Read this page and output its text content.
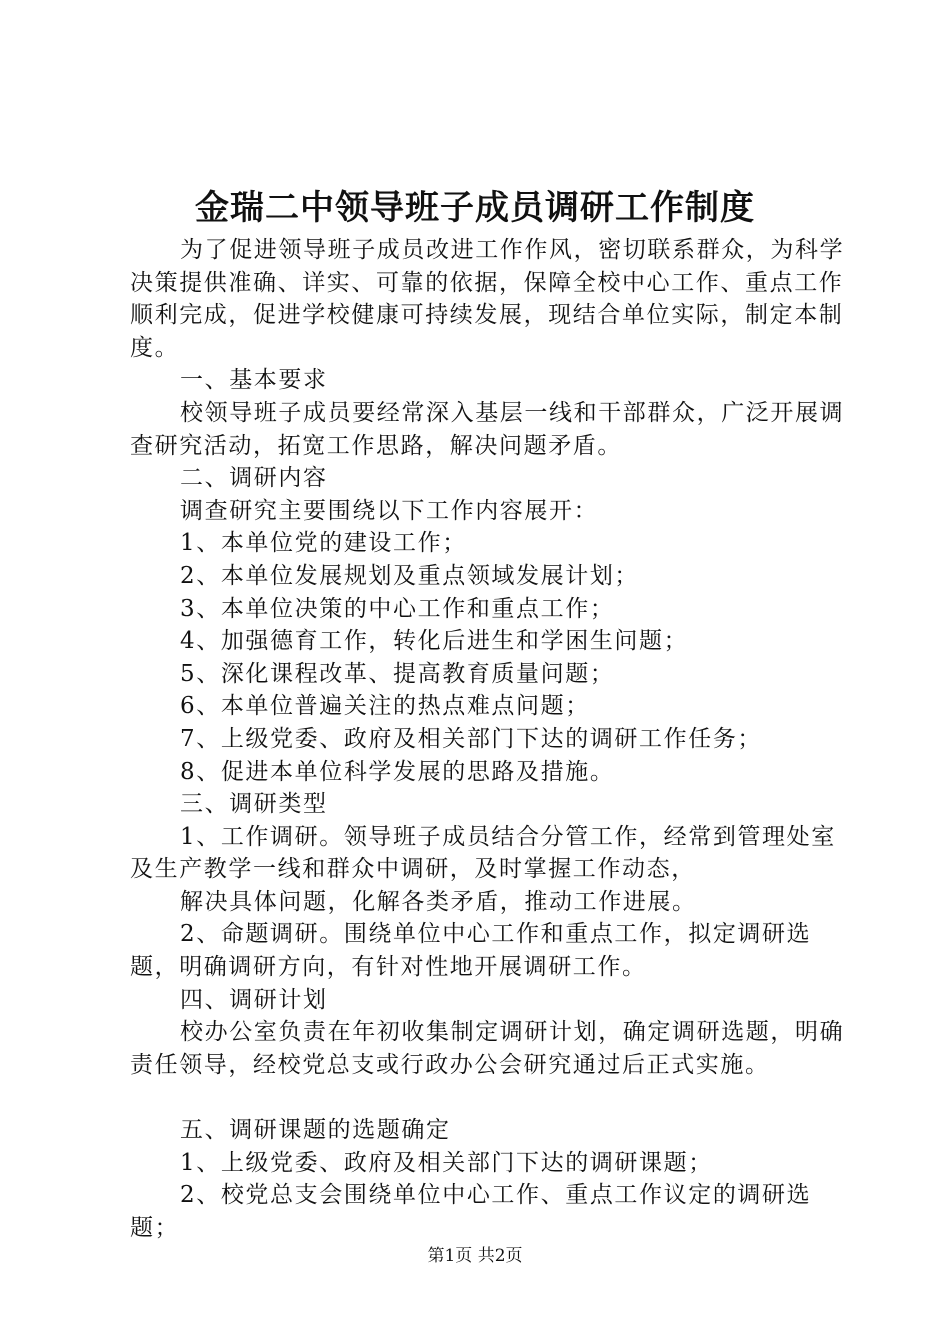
金瑞二中领导班子成员调研工作制度

为了促进领导班子成员改进工作作风，密切联系群众，为科学决策提供准确、详实、可靠的依据，保障全校中心工作、重点工作顺利完成，促进学校健康可持续发展，现结合单位实际，制定本制度。

一、基本要求

校领导班子成员要经常深入基层一线和干部群众，广泛开展调查研究活动，拓宽工作思路，解决问题矛盾。

二、调研内容

调查研究主要围绕以下工作内容展开：

1、本单位党的建设工作；

2、本单位发展规划及重点领域发展计划；

3、本单位决策的中心工作和重点工作；

4、加强德育工作，转化后进生和学困生问题；

5、深化课程改革、提高教育质量问题；

6、本单位普遍关注的热点难点问题；

7、上级党委、政府及相关部门下达的调研工作任务；

8、促进本单位科学发展的思路及措施。

三、调研类型

1、工作调研。领导班子成员结合分管工作，经常到管理处室及生产教学一线和群众中调研，及时掌握工作动态，

解决具体问题，化解各类矛盾，推动工作进展。

2、命题调研。围绕单位中心工作和重点工作，拟定调研选题，明确调研方向，有针对性地开展调研工作。

四、调研计划

校办公室负责在年初收集制定调研计划，确定调研选题，明确责任领导，经校党总支或行政办公会研究通过后正式实施。

五、调研课题的选题确定

1、上级党委、政府及相关部门下达的调研课题；

2、校党总支会围绕单位中心工作、重点工作议定的调研选题；

第1页 共2页
